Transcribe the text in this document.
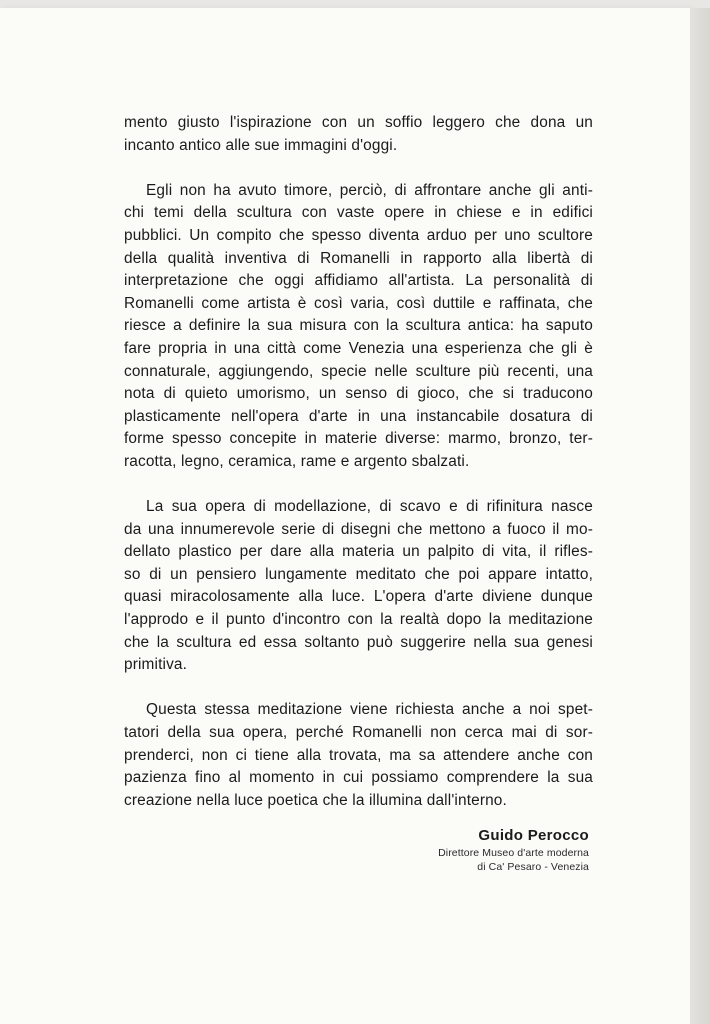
mento giusto l'ispirazione con un soffio leggero che dona un
incanto antico alle sue immagini d'oggi.

Egli non ha avuto timore, perciò, di affrontare anche gli anti-
chi temi della scultura con vaste opere in chiese e in edifici
pubblici. Un compito che spesso diventa arduo per uno scultore
della qualità inventiva di Romanelli in rapporto alla libertà di
interpretazione che oggi affidiamo all'artista. La personalità di
Romanelli come artista è così varia, così duttile e raffinata, che
riesce a definire la sua misura con la scultura antica: ha saputo
fare propria in una città come Venezia una esperienza che gli è
connaturale, aggiungendo, specie nelle sculture più recenti, una
nota di quieto umorismo, un senso di gioco, che si traducono
plasticamente nell'opera d'arte in una instancabile dosatura di
forme spesso concepite in materie diverse: marmo, bronzo, ter-
racotta, legno, ceramica, rame e argento sbalzati.

La sua opera di modellazione, di scavo e di rifinitura nasce
da una innumerevole serie di disegni che mettono a fuoco il mo-
dellato plastico per dare alla materia un palpito di vita, il rifles-
so di un pensiero lungamente meditato che poi appare intatto,
quasi miracolosamente alla luce. L'opera d'arte diviene dunque
l'approdo e il punto d'incontro con la realtà dopo la meditazione
che la scultura ed essa soltanto può suggerire nella sua genesi
primitiva.

Questa stessa meditazione viene richiesta anche a noi spet-
tatori della sua opera, perché Romanelli non cerca mai di sor-
prenderci, non ci tiene alla trovata, ma sa attendere anche con
pazienza fino al momento in cui possiamo comprendere la sua
creazione nella luce poetica che la illumina dall'interno.

Guido Perocco
Direttore Museo d'arte moderna
di Ca' Pesaro - Venezia
